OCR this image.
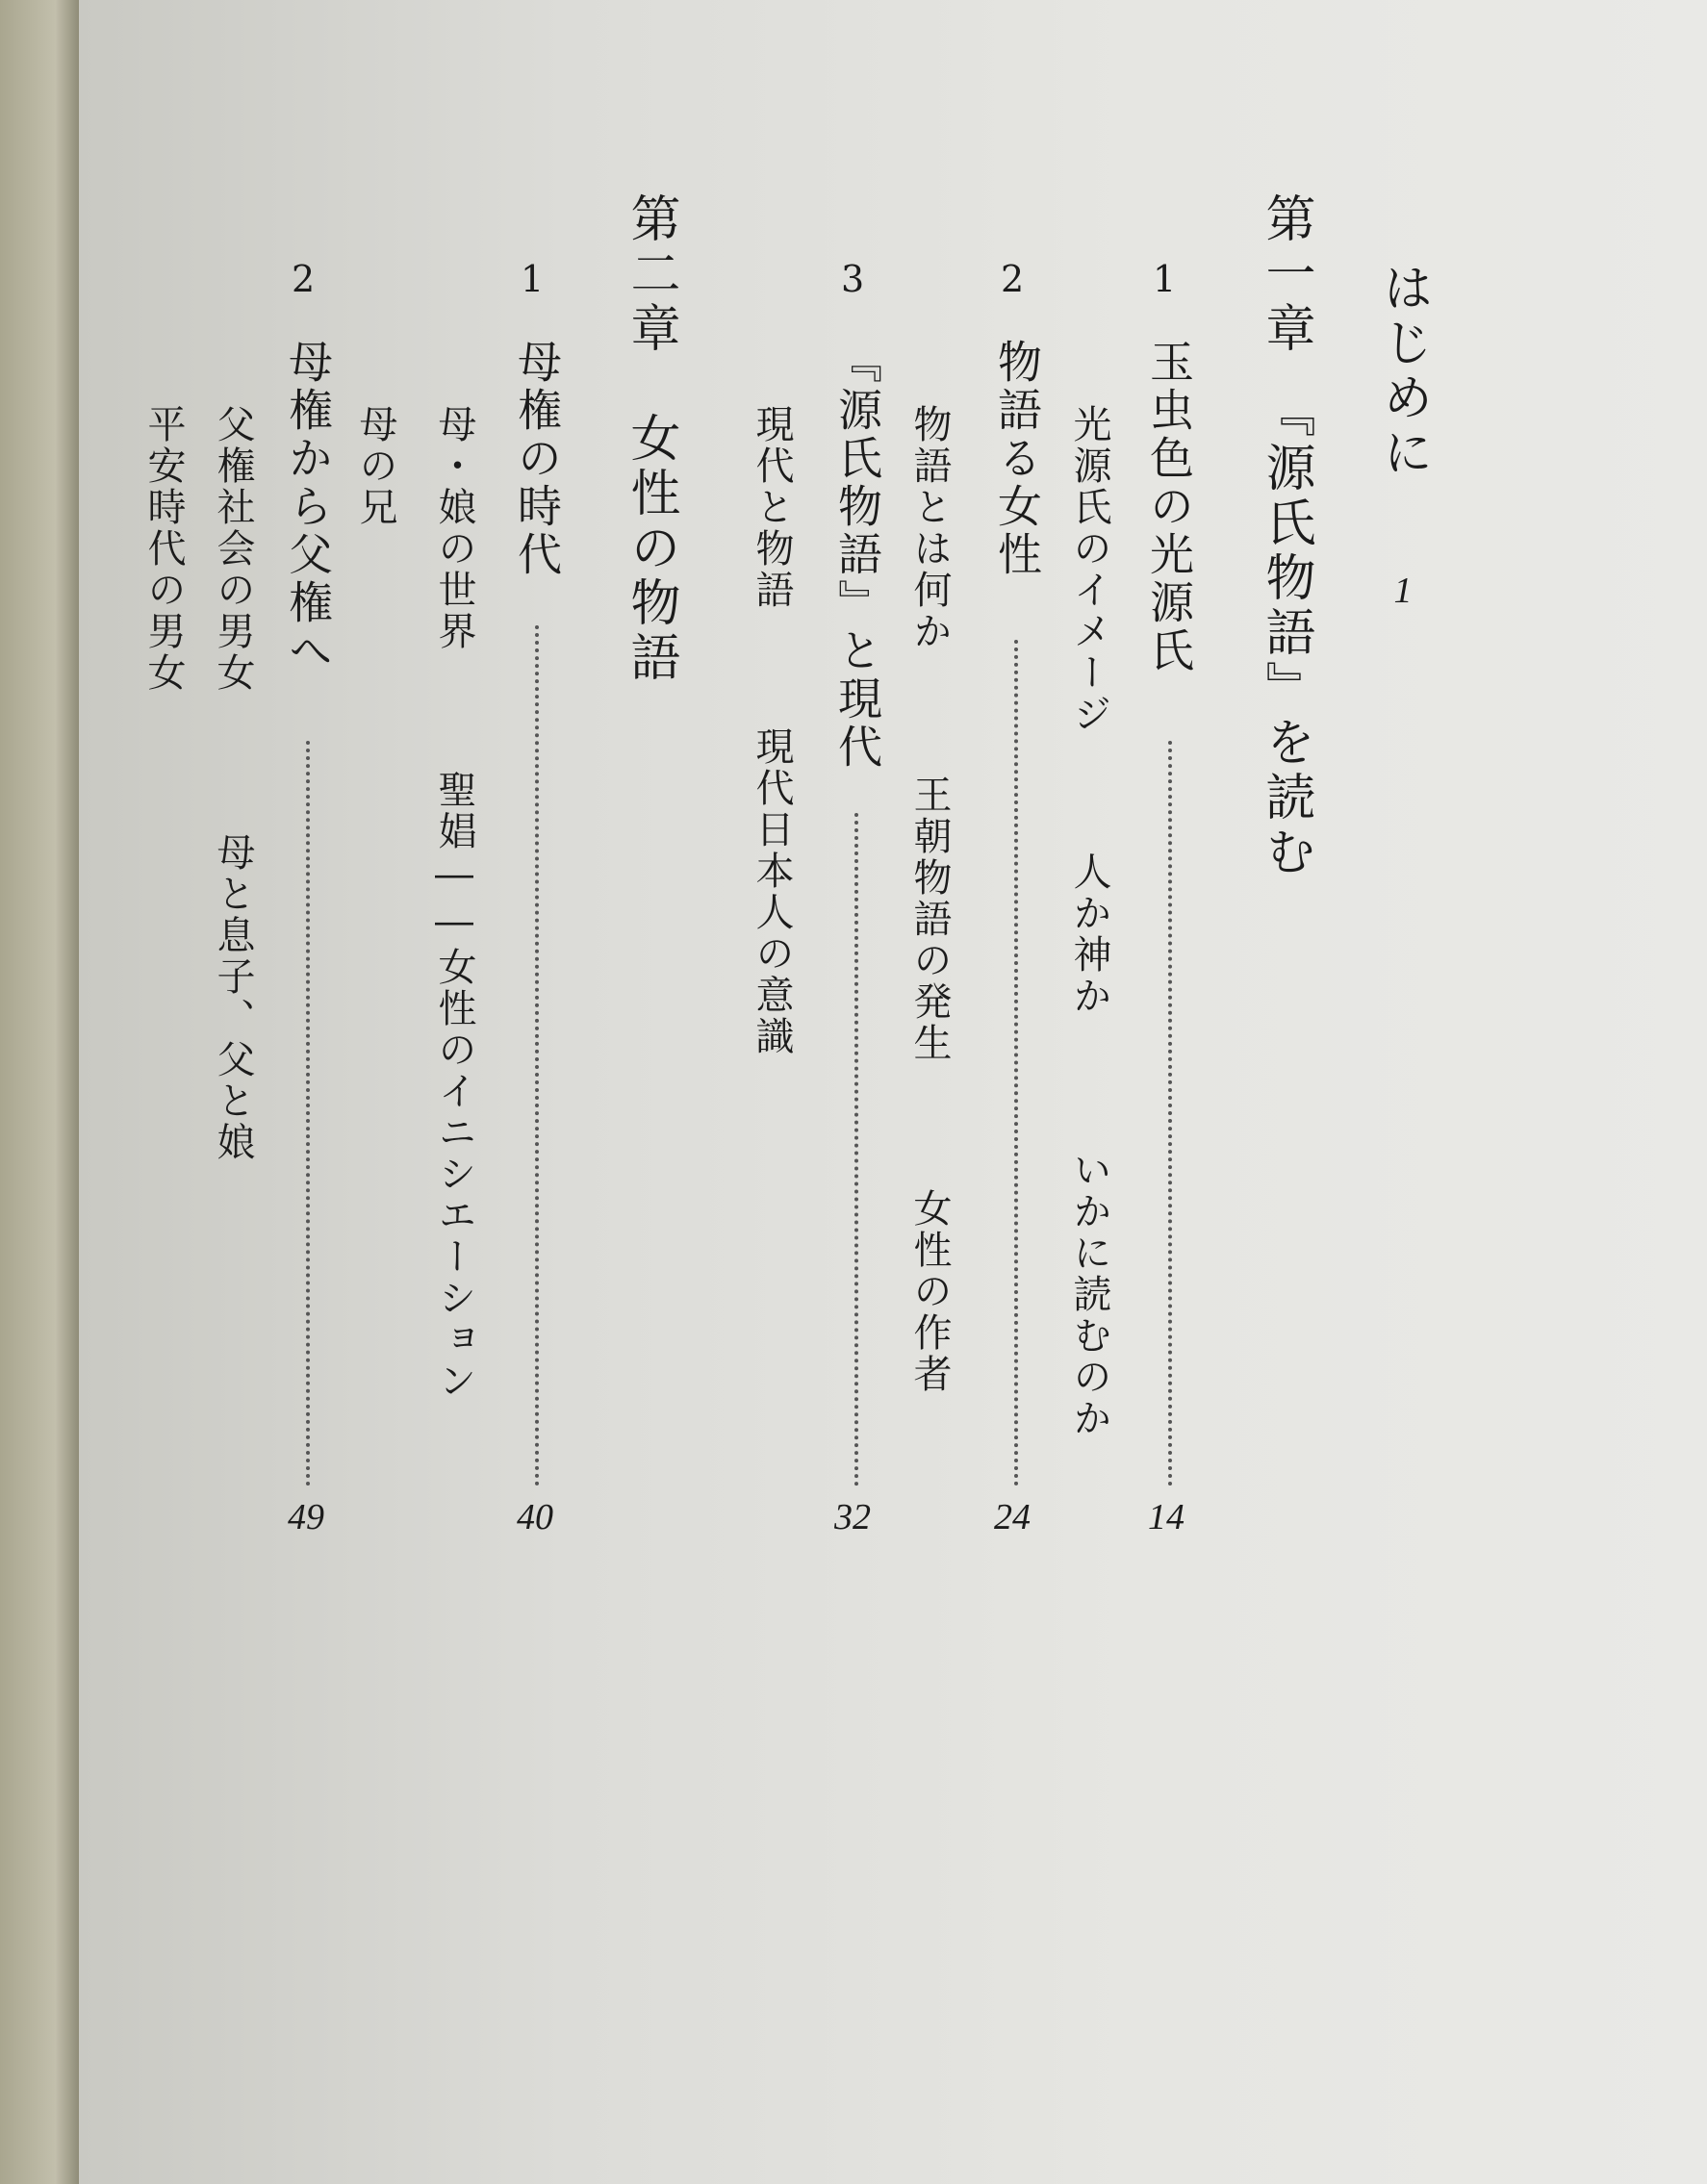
はじめに
1
第一章　『源氏物語』を読む
1
玉虫色の光源氏
14
光源氏のイメージ
人か神か
いかに読むのか
2
物語る女性
24
物語とは何か
王朝物語の発生
女性の作者
3
『源氏物語』と現代
32
現代と物語
現代日本人の意識
第二章　女性の物語
1
母権の時代
40
母・娘の世界
聖娼――女性のイニシエーション
母の兄
2
母権から父権へ
49
父権社会の男女
母と息子、父と娘
平安時代の男女
